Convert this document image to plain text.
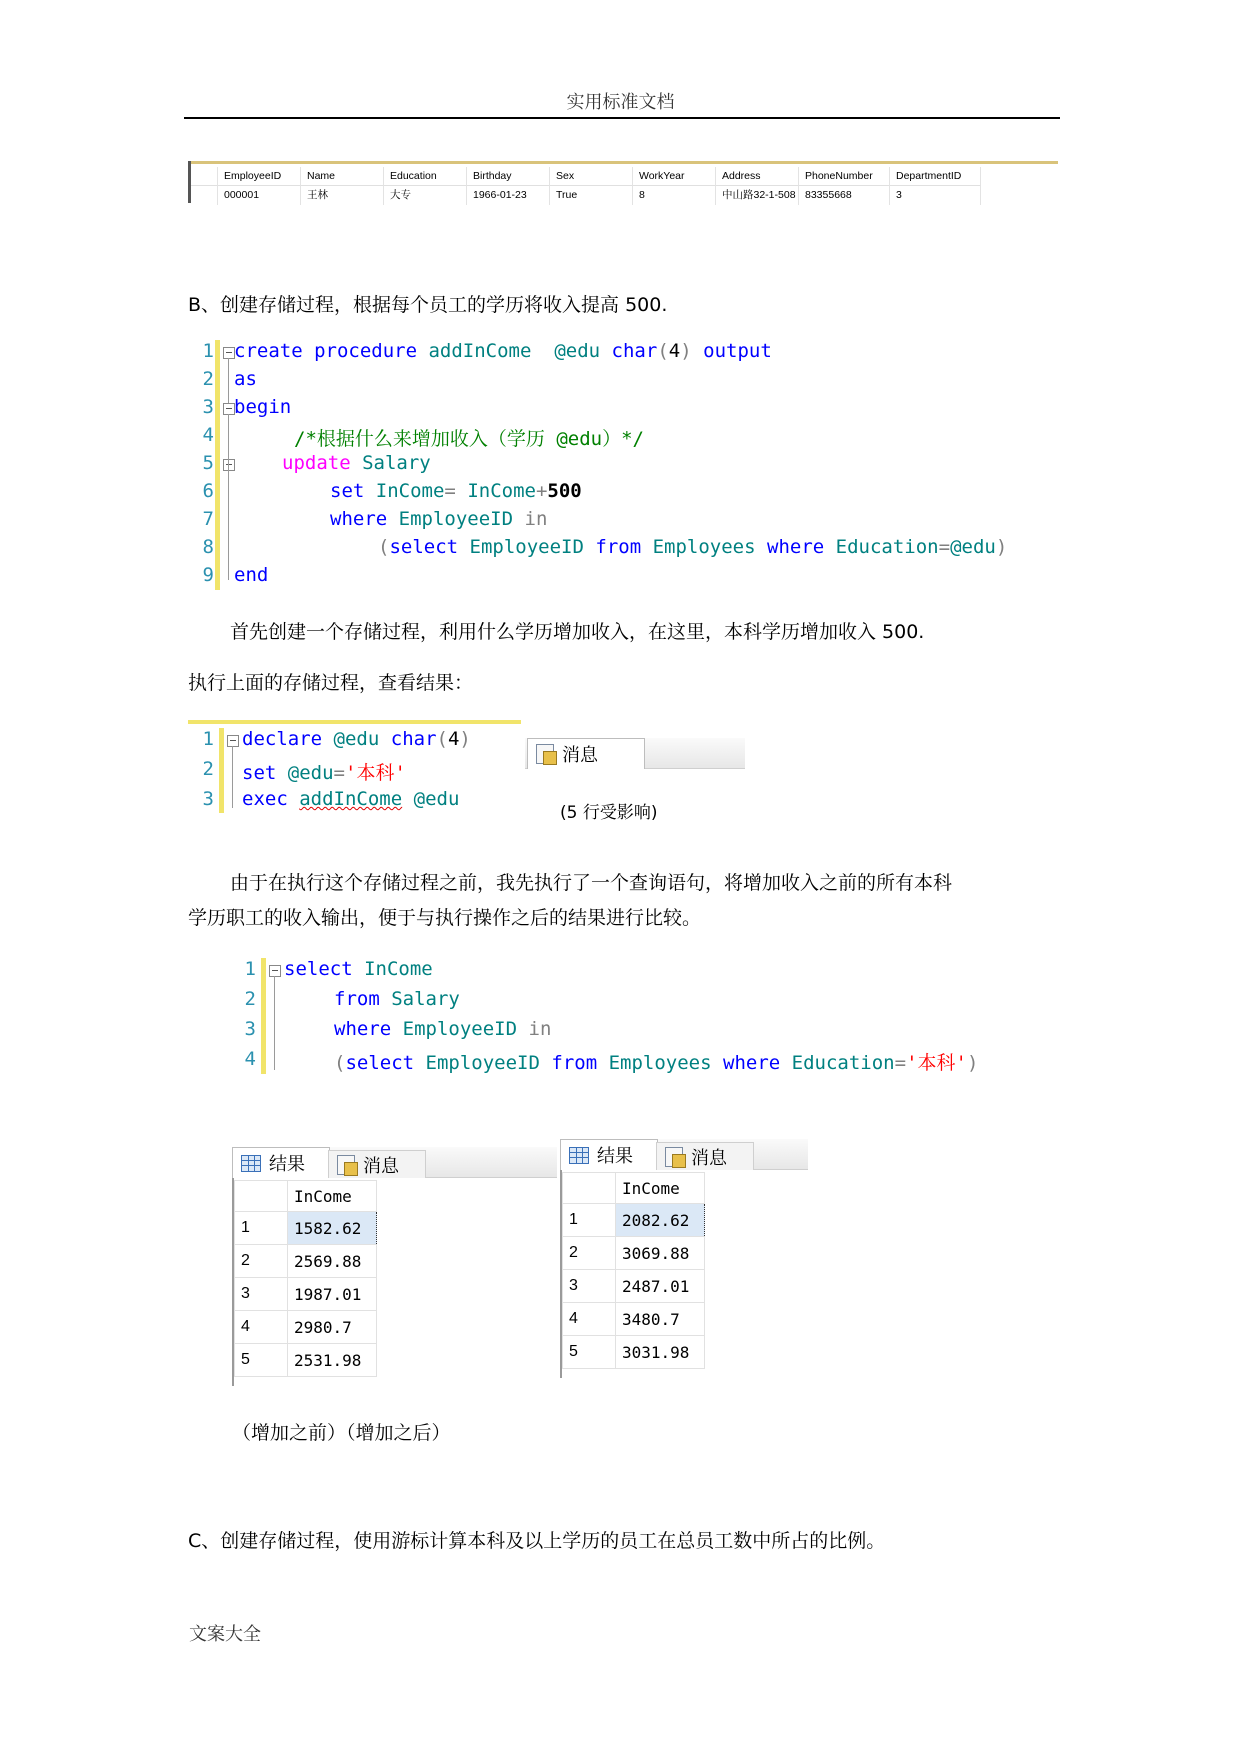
实用标准文档
文案大全
EmployeeID	Name	Education	Birthday	Sex	WorkYear	Address	PhoneNumber	DepartmentID
000001	王林	大专	1966-01-23	True	8	中山路32-1-508 83355668	3
B、创建存储过程，根据每个员工的学历将收入提高 500.
1
2
3
4
5
6
7
8
9
create procedure addInCome @edu char(4) output
as
begin
/*根据什么来增加收入（学历 @edu）*/
update Salary
set InCome= InCome+500
where EmployeeID in
(select EmployeeID from Employees where Education=@edu)
end
首先创建一个存储过程，利用什么学历增加收入，在这里，本科学历增加收入 500.
执行上面的存储过程，查看结果：
1
2
3
declare @edu char(4)
set @edu='本科'
exec addInCome @edu
消息
(5 行受影响)
由于在执行这个存储过程之前，我先执行了一个查询语句，将增加收入之前的所有本科
学历职工的收入输出，便于与执行操作之后的结果进行比较。
1
2
3
4
select InCome
from Salary
where EmployeeID in
(select EmployeeID from Employees where Education='本科')
结果	消息
	InCome
1	1582.62
2	2569.88
3	1987.01
4	2980.7
5	2531.98
结果	消息
	InCome
1	2082.62
2	3069.88
3	2487.01
4	3480.7
5	3031.98
（增加之前）（增加之后）
C、创建存储过程，使用游标计算本科及以上学历的员工在总员工数中所占的比例。
